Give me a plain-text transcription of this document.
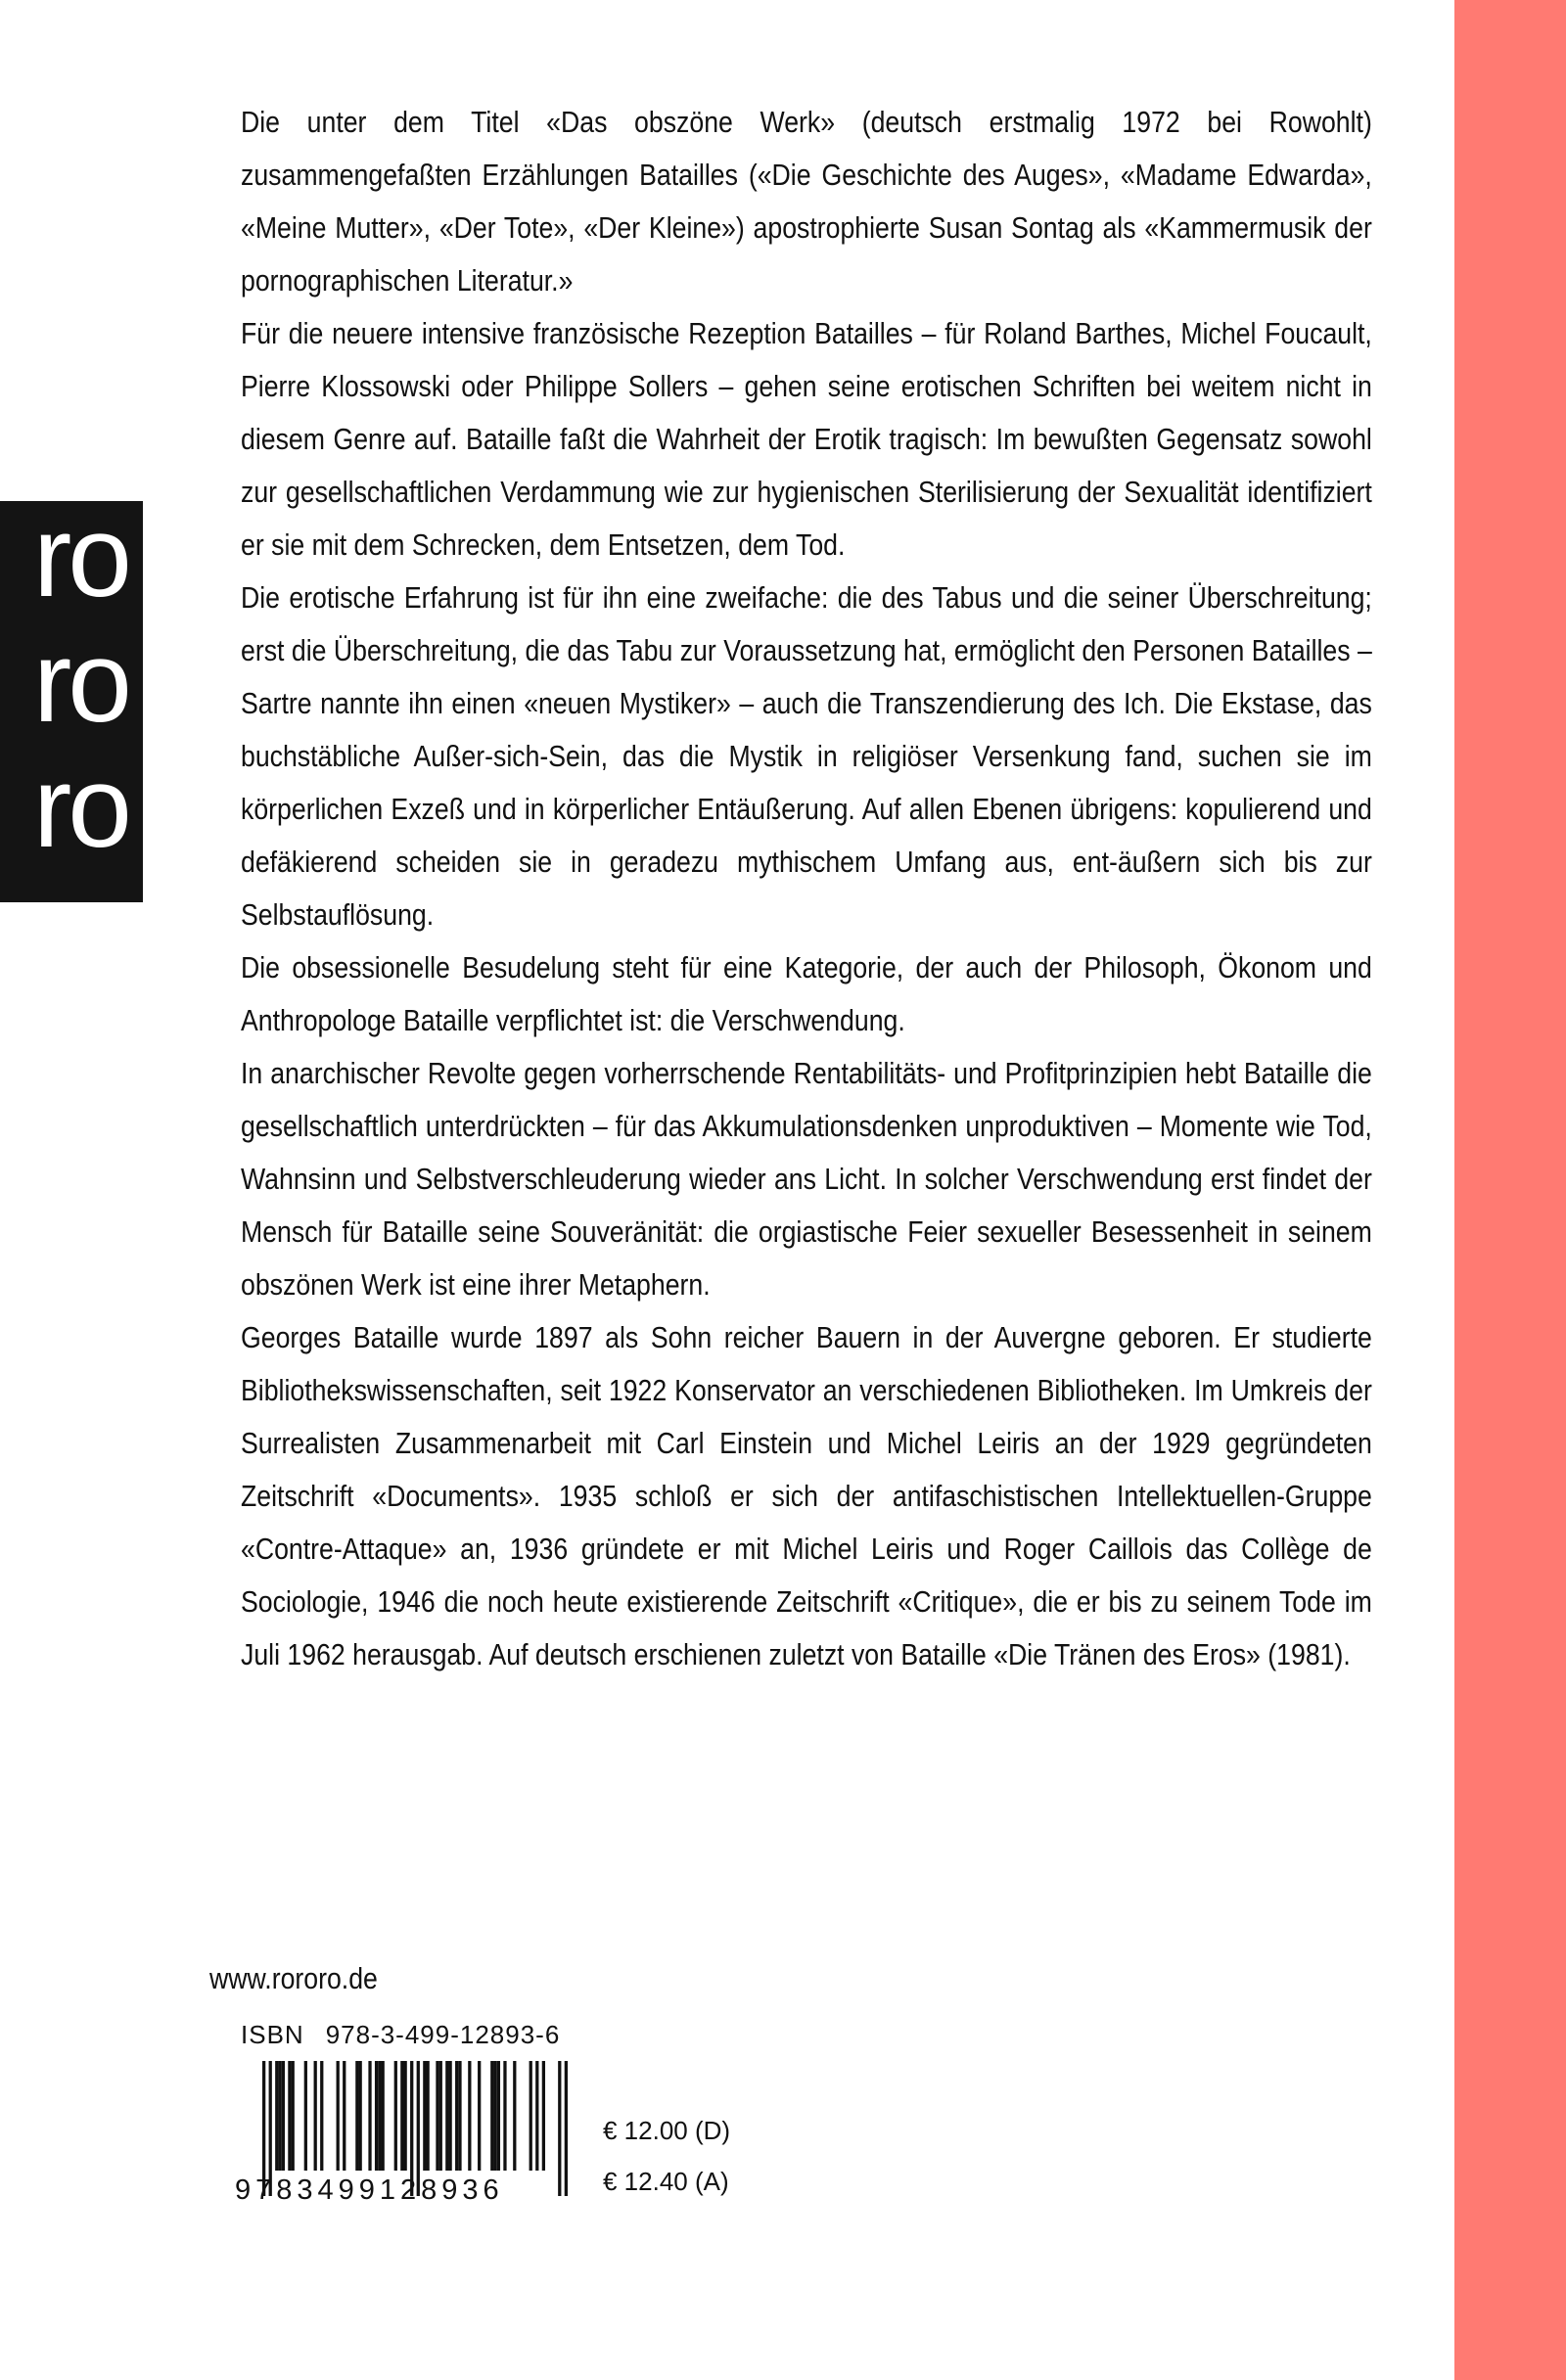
ro
ro
ro

Die unter dem Titel «Das obszöne Werk» (deutsch erstmalig 1972 bei Rowohlt) zusammengefaßten Erzählungen Batailles («Die Geschichte des Auges», «Madame Edwarda», «Meine Mutter», «Der Tote», «Der Kleine») apostrophierte Susan Sontag als «Kammermusik der pornographischen Literatur.»

Für die neuere intensive französische Rezeption Batailles – für Roland Barthes, Michel Foucault, Pierre Klossowski oder Philippe Sollers – gehen seine erotischen Schriften bei weitem nicht in diesem Genre auf. Bataille faßt die Wahrheit der Erotik tragisch: Im bewußten Gegensatz sowohl zur gesellschaftlichen Verdammung wie zur hygienischen Sterilisierung der Sexualität identifiziert er sie mit dem Schrecken, dem Entsetzen, dem Tod.

Die erotische Erfahrung ist für ihn eine zweifache: die des Tabus und die seiner Überschreitung; erst die Überschreitung, die das Tabu zur Voraussetzung hat, ermöglicht den Personen Batailles – Sartre nannte ihn einen «neuen Mystiker» – auch die Transzendierung des Ich. Die Ekstase, das buchstäbliche Außer-sich-Sein, das die Mystik in religiöser Versenkung fand, suchen sie im körperlichen Exzeß und in körperlicher Entäußerung. Auf allen Ebenen übrigens: kopulierend und defäkierend scheiden sie in geradezu mythischem Umfang aus, ent-äußern sich bis zur Selbstauflösung.

Die obsessionelle Besudelung steht für eine Kategorie, der auch der Philosoph, Ökonom und Anthropologe Bataille verpflichtet ist: die Verschwendung.

In anarchischer Revolte gegen vorherrschende Rentabilitäts- und Profitprinzipien hebt Bataille die gesellschaftlich unterdrückten – für das Akkumulationsdenken unproduktiven – Momente wie Tod, Wahnsinn und Selbstverschleuderung wieder ans Licht. In solcher Verschwendung erst findet der Mensch für Bataille seine Souveränität: die orgiastische Feier sexueller Besessenheit in seinem obszönen Werk ist eine ihrer Metaphern.

Georges Bataille wurde 1897 als Sohn reicher Bauern in der Auvergne geboren. Er studierte Bibliothekswissenschaften, seit 1922 Konservator an verschiedenen Bibliotheken. Im Umkreis der Surrealisten Zusammenarbeit mit Carl Einstein und Michel Leiris an der 1929 gegründeten Zeitschrift «Documents». 1935 schloß er sich der antifaschistischen Intellektuellen-Gruppe «Contre-Attaque» an, 1936 gründete er mit Michel Leiris und Roger Caillois das Collège de Sociologie, 1946 die noch heute existierende Zeitschrift «Critique», die er bis zu seinem Tode im Juli 1962 herausgab. Auf deutsch erschienen zuletzt von Bataille «Die Tränen des Eros» (1981).

www.rororo.de
ISBN 978-3-499-12893-6
9783499128936
€ 12.00 (D)
€ 12.40 (A)
